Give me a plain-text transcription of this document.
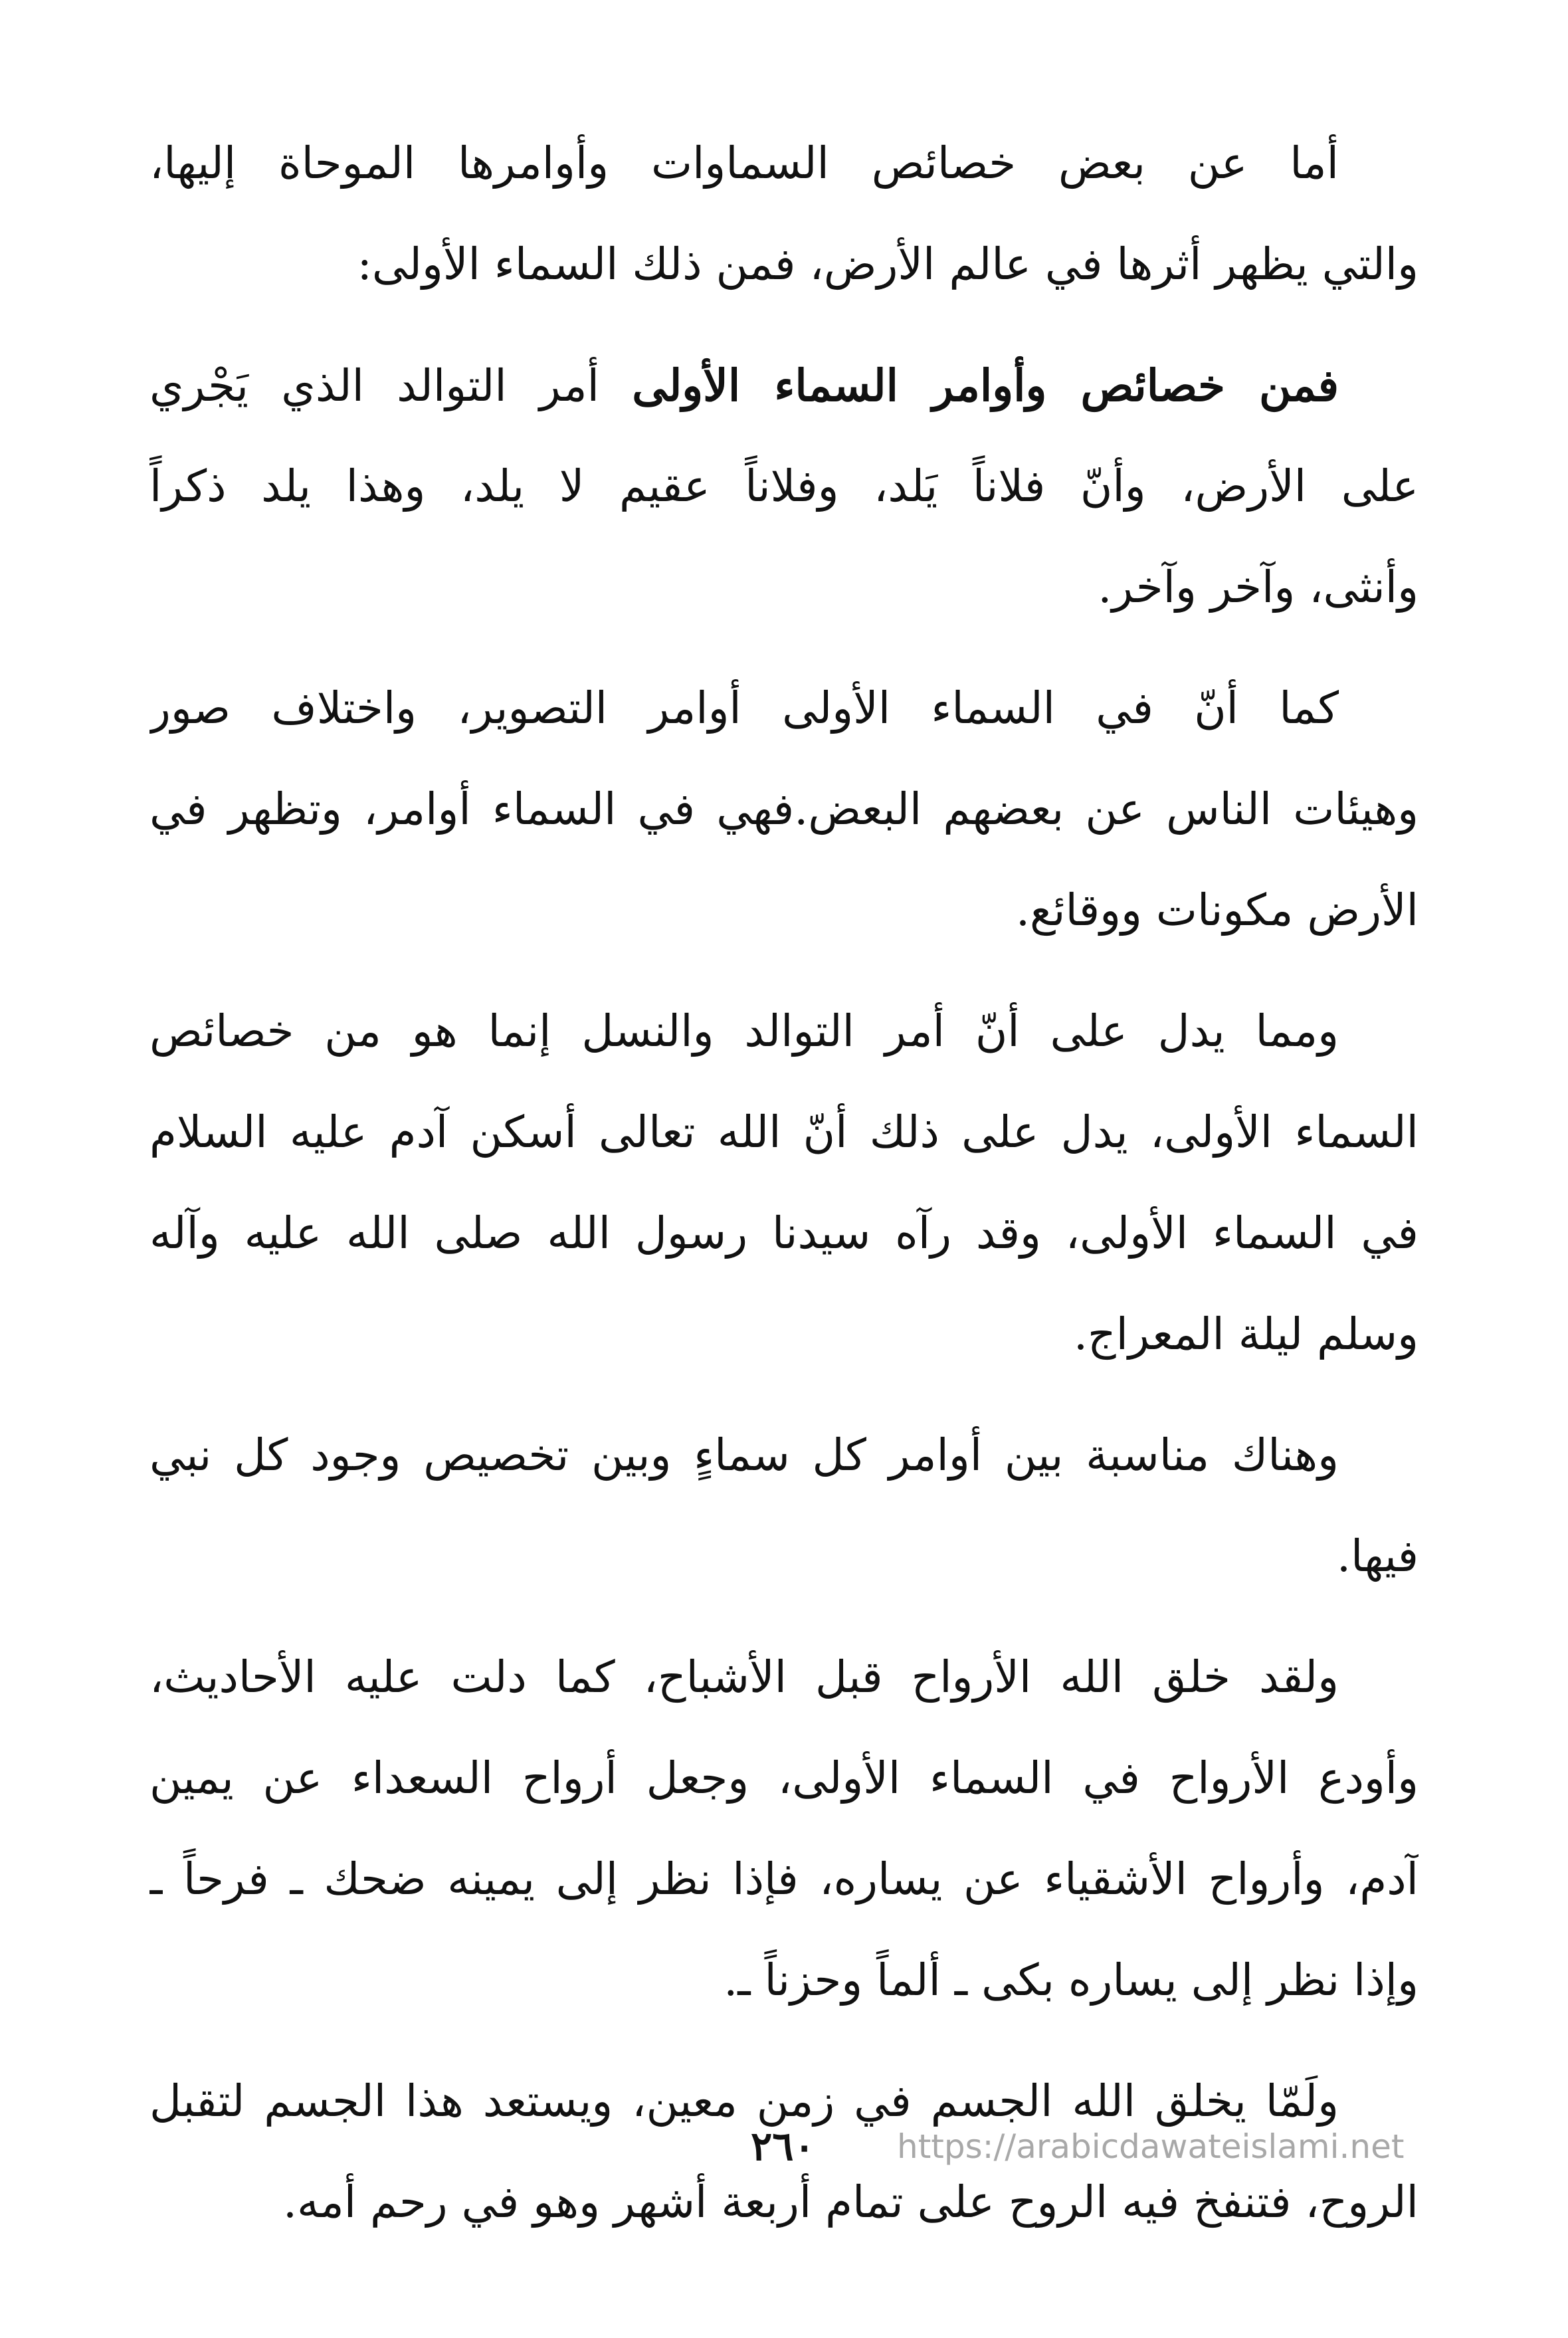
أما عن بعض خصائص السماوات وأوامرها الموحاة إليها،
والتي يظهر أثرها في عالم الأرض، فمن ذلك السماء الأولى:

فمن خصائص وأوامر السماء الأولى أمر التوالد الذي يَجْري
على الأرض، وأنّ فلاناً يَلد، وفلاناً عقيم لا يلد، وهذا يلد ذكراً
وأنثى، وآخر وآخر.

كما أنّ في السماء الأولى أوامر التصوير، واختلاف صور
وهيئات الناس عن بعضهم البعض.فهي في السماء أوامر، وتظهر في
الأرض مكونات ووقائع.

ومما يدل على أنّ أمر التوالد والنسل إنما هو من خصائص
السماء الأولى، يدل على ذلك أنّ الله تعالى أسكن آدم عليه السلام
في السماء الأولى، وقد رآه سيدنا رسول الله صلى الله عليه وآله
وسلم ليلة المعراج.

وهناك مناسبة بين أوامر كل سماءٍ وبين تخصيص وجود كل نبي
فيها.

ولقد خلق الله الأرواح قبل الأشباح، كما دلت عليه الأحاديث،
وأودع الأرواح في السماء الأولى، وجعل أرواح السعداء عن يمين
آدم، وأرواح الأشقياء عن يساره، فإذا نظر إلى يمينه ضحك ـ فرحاً ـ
وإذا نظر إلى يساره بكى ـ ألماً وحزناً ـ.

ولَمّا يخلق الله الجسم في زمن معين، ويستعد هذا الجسم لتقبل
الروح، فتنفخ فيه الروح على تمام أربعة أشهر وهو في رحم أمه.

٢٦٠ https://arabicdawateislami.net
